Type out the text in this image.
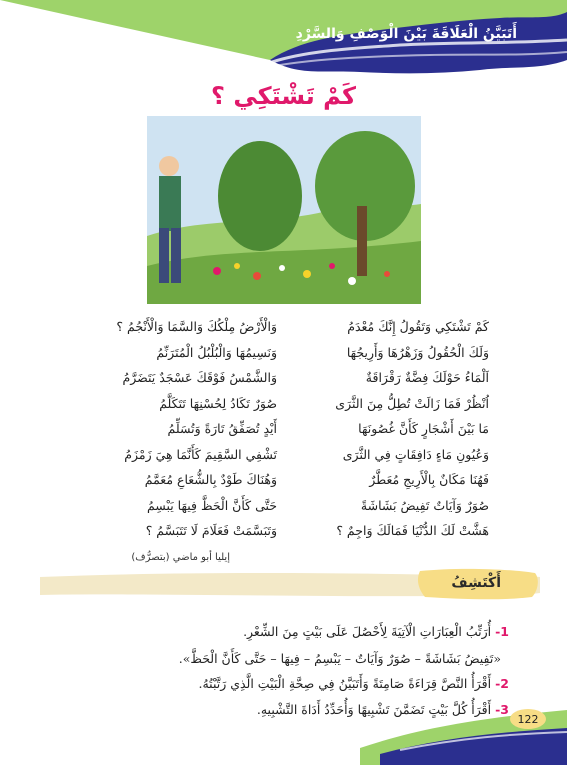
أَتَبَيَّنُ الْعَلَاقَةَ بَيْنَ الْوَصْفِ وَالسَّرْدِ
كَمْ تَشْتَكِي ؟
كَمْ تَشْتَكِي وَتَقُولُ إِنَّكَ مُعْدَمُ
وَلَكَ الْحُقُولُ وَزَهْرُهَا وَأَرِيجُهَا
اَلْمَاءُ حَوْلَكَ فِضَّةٌ رَقْرَاقَةٌ
اُنْظُرْ فَمَا زَالَتْ تُطِلُّ مِنَ الثَّرَى
مَا بَيْنَ أَشْجَارٍ كَأَنَّ غُصُونَهَا
وَعُيُونِ مَاءٍ دَافِقَاتٍ فِي الثَّرَى
فَهُنَا مَكَانٌ بِالْأَرِيجِ مُعَطَّرٌ
صُوَرٌ وَآيَاتٌ تَفِيضُ بَشَاشَةً
هَشَّتْ لَكَ الدُّنْيَا فَمَالَكَ وَاجِمٌ ؟
وَالْأَرْضُ مِلْكُكَ وَالسَّمَا وَالْأَنْجُمُ ؟
وَنَسِيمُهَا وَالْبُلْبُلُ الْمُتَرَنِّمُ
وَالشَّمْسُ فَوْقَكَ عَسْجَدٌ يَتَضَرَّمُ
صُوَرٌ تَكَادُ لِحُسْنِهَا تَتَكَلَّمُ
أَيْدٍ تُصَفِّقُ تَارَةً وَتُسَلِّمُ
تَشْفِي السَّقِيمَ كَأَنَّمَا هِيَ زَمْزَمُ
وَهُنَاكَ طَوْدٌ بِالشُّعَاعِ مُعَمَّمُ
حَتَّى كَأَنَّ الْحَظَّ فِيهَا يَبْسِمُ
وَتَبَسَّمَتْ فَعَلَامَ لَا تَتَبَسَّمُ ؟
إيليا أبو ماضي (بتصرُّف)
أَكْتَشِفُ
1- أُرَتِّبُ الْعِبَارَاتِ الْآتِيَةَ لِأَحْصُلَ عَلَى بَيْتٍ مِنَ الشِّعْرِ.
«تَفِيضُ بَشَاشَةً – صُوَرٌ وَآيَاتٌ – يَبْسِمُ – فِيهَا – حَتَّى كَأَنَّ الْحَظَّ».
2- أَقْرَأُ النَّصَّ قِرَاءَةً صَامِتَةً وَأَتَبَيَّنُ فِي صِحَّةِ الْبَيْتِ الَّذِي رَتَّبْتُهُ.
3- أَقْرَأُ كُلَّ بَيْتٍ تَضَمَّنَ تَشْبِيهًا وَأُحَدِّدُ أَدَاةَ التَّشْبِيهِ.
122
